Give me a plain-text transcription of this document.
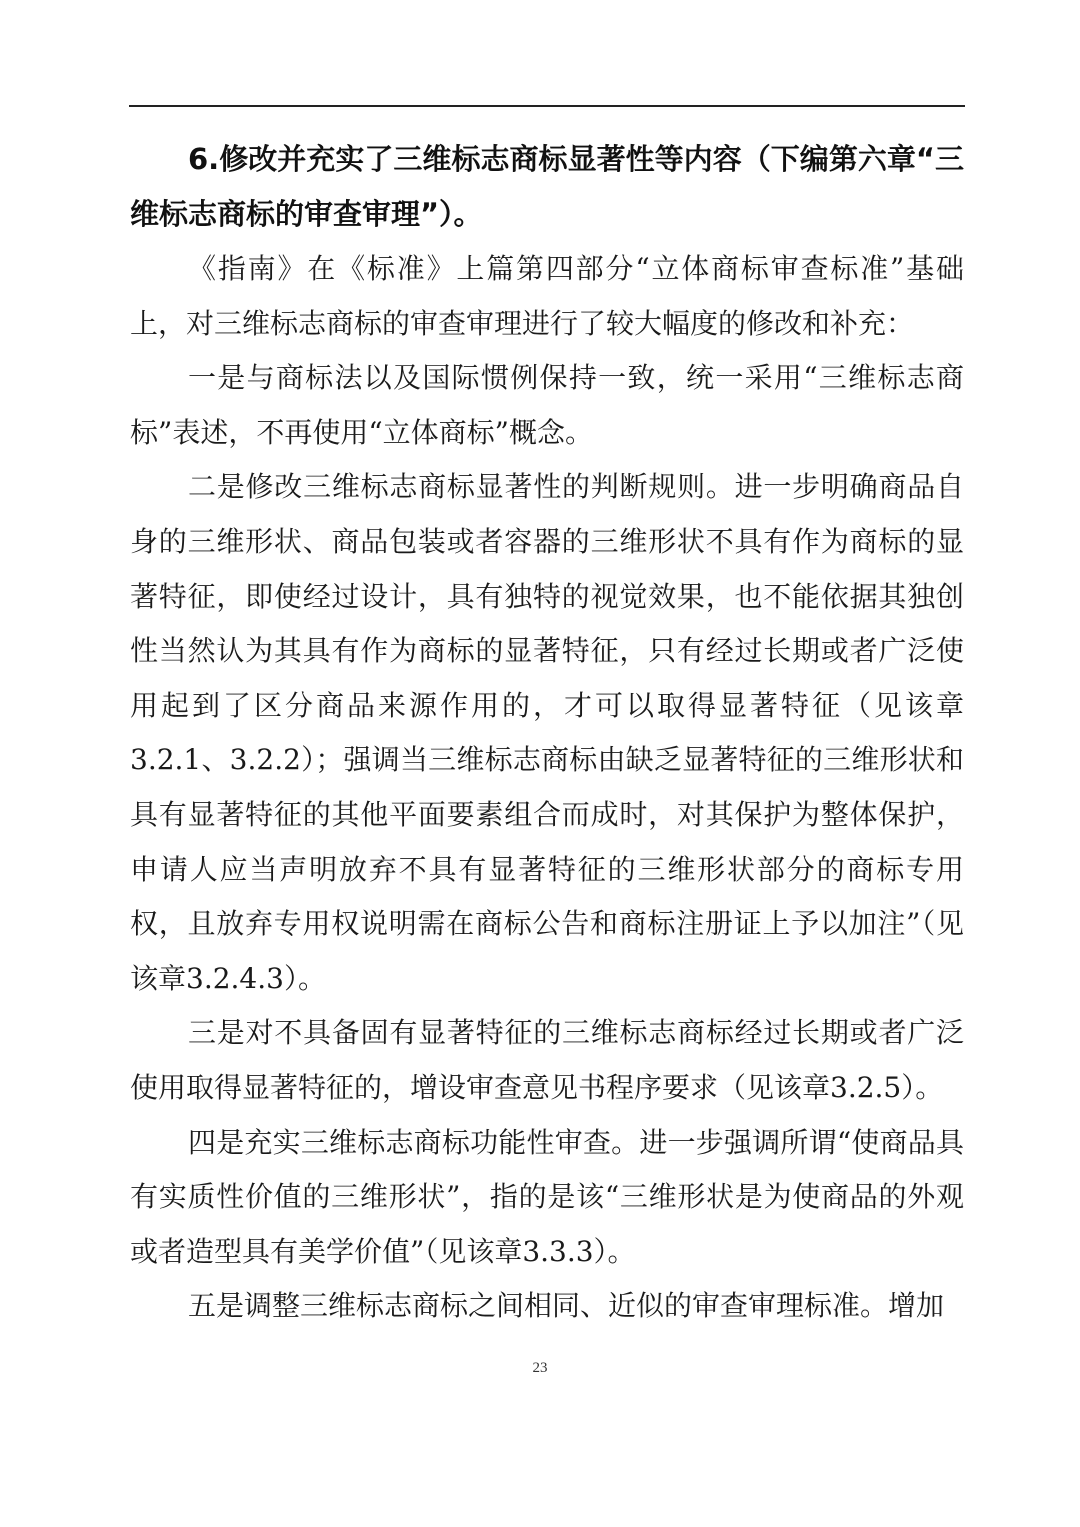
6.修改并充实了三维标志商标显著性等内容（下编第六章“三维标志商标的审查审理”）。

《指南》在《标准》上篇第四部分“立体商标审查标准”基础上，对三维标志商标的审查审理进行了较大幅度的修改和补充：

一是与商标法以及国际惯例保持一致，统一采用“三维标志商标”表述，不再使用“立体商标”概念。

二是修改三维标志商标显著性的判断规则。进一步明确商品自身的三维形状、商品包装或者容器的三维形状不具有作为商标的显著特征，即使经过设计，具有独特的视觉效果，也不能依据其独创性当然认为其具有作为商标的显著特征，只有经过长期或者广泛使用起到了区分商品来源作用的，才可以取得显著特征（见该章3.2.1、3.2.2）；强调当三维标志商标由缺乏显著特征的三维形状和具有显著特征的其他平面要素组合而成时，对其保护为整体保护，申请人应当声明放弃不具有显著特征的三维形状部分的商标专用权，且放弃专用权说明需在商标公告和商标注册证上予以加注”（见该章3.2.4.3）。

三是对不具备固有显著特征的三维标志商标经过长期或者广泛使用取得显著特征的，增设审查意见书程序要求（见该章3.2.5）。

四是充实三维标志商标功能性审查。进一步强调所谓“使商品具有实质性价值的三维形状”，指的是该“三维形状是为使商品的外观或者造型具有美学价值”（见该章3.3.3）。

五是调整三维标志商标之间相同、近似的审查审理标准。增加

23
